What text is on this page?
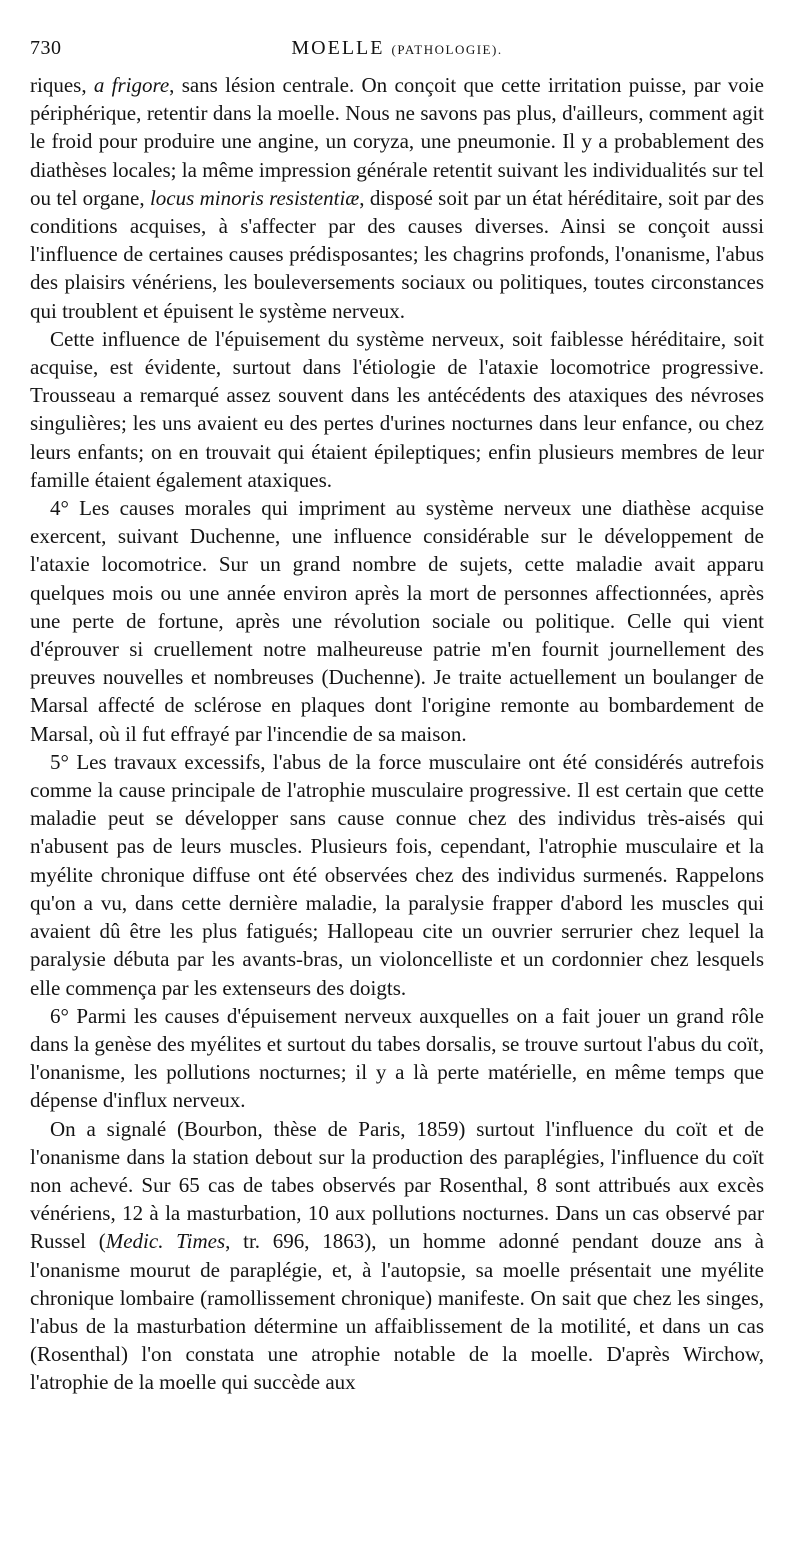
730	MOELLE (PATHOLOGIE).

riques, a frigore, sans lésion centrale. On conçoit que cette irritation puisse, par voie périphérique, retentir dans la moelle. Nous ne savons pas plus, d'ailleurs, comment agit le froid pour produire une angine, un coryza, une pneumonie. Il y a probablement des diathèses locales; la même impression générale retentit suivant les individualités sur tel ou tel organe, locus minoris resistentiæ, disposé soit par un état héréditaire, soit par des conditions acquises, à s'affecter par des causes diverses. Ainsi se conçoit aussi l'influence de certaines causes prédisposantes; les chagrins profonds, l'onanisme, l'abus des plaisirs vénériens, les bouleversements sociaux ou politiques, toutes circonstances qui troublent et épuisent le système nerveux.

Cette influence de l'épuisement du système nerveux, soit faiblesse héréditaire, soit acquise, est évidente, surtout dans l'étiologie de l'ataxie locomotrice progressive. Trousseau a remarqué assez souvent dans les antécédents des ataxiques des névroses singulières; les uns avaient eu des pertes d'urines nocturnes dans leur enfance, ou chez leurs enfants; on en trouvait qui étaient épileptiques; enfin plusieurs membres de leur famille étaient également ataxiques.

4° Les causes morales qui impriment au système nerveux une diathèse acquise exercent, suivant Duchenne, une influence considérable sur le développement de l'ataxie locomotrice. Sur un grand nombre de sujets, cette maladie avait apparu quelques mois ou une année environ après la mort de personnes affectionnées, après une perte de fortune, après une révolution sociale ou politique. Celle qui vient d'éprouver si cruellement notre malheureuse patrie m'en fournit journellement des preuves nouvelles et nombreuses (Duchenne). Je traite actuellement un boulanger de Marsal affecté de sclérose en plaques dont l'origine remonte au bombardement de Marsal, où il fut effrayé par l'incendie de sa maison.

5° Les travaux excessifs, l'abus de la force musculaire ont été considérés autrefois comme la cause principale de l'atrophie musculaire progressive. Il est certain que cette maladie peut se développer sans cause connue chez des individus très-aisés qui n'abusent pas de leurs muscles. Plusieurs fois, cependant, l'atrophie musculaire et la myélite chronique diffuse ont été observées chez des individus surmenés. Rappelons qu'on a vu, dans cette dernière maladie, la paralysie frapper d'abord les muscles qui avaient dû être les plus fatigués; Hallopeau cite un ouvrier serrurier chez lequel la paralysie débuta par les avants-bras, un violoncelliste et un cordonnier chez lesquels elle commença par les extenseurs des doigts.

6° Parmi les causes d'épuisement nerveux auxquelles on a fait jouer un grand rôle dans la genèse des myélites et surtout du tabes dorsalis, se trouve surtout l'abus du coït, l'onanisme, les pollutions nocturnes; il y a là perte matérielle, en même temps que dépense d'influx nerveux.

On a signalé (Bourbon, thèse de Paris, 1859) surtout l'influence du coït et de l'onanisme dans la station debout sur la production des paraplégies, l'influence du coït non achevé. Sur 65 cas de tabes observés par Rosenthal, 8 sont attribués aux excès vénériens, 12 à la masturbation, 10 aux pollutions nocturnes. Dans un cas observé par Russel (Medic. Times, tr. 696, 1863), un homme adonné pendant douze ans à l'onanisme mourut de paraplégie, et, à l'autopsie, sa moelle présentait une myélite chronique lombaire (ramollissement chronique) manifeste. On sait que chez les singes, l'abus de la masturbation détermine un affaiblissement de la motilité, et dans un cas (Rosenthal) l'on constata une atrophie notable de la moelle. D'après Wirchow, l'atrophie de la moelle qui succède aux
